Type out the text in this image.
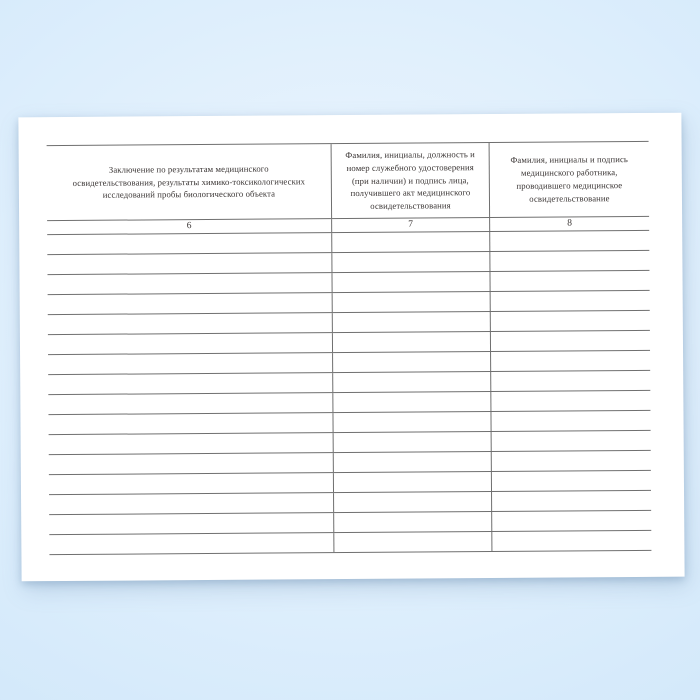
Заключение по результатам медицинского
освидетельствования, результаты химико-токсикологических
исследований пробы биологического объекта
Фамилия, инициалы, должность и
номер служебного удостоверения
(при наличии) и подпись лица,
получившего акт медицинского
освидетельствования
Фамилия, инициалы и подпись
медицинского работника,
проводившего медицинское
освидетельствование
6	7	8
